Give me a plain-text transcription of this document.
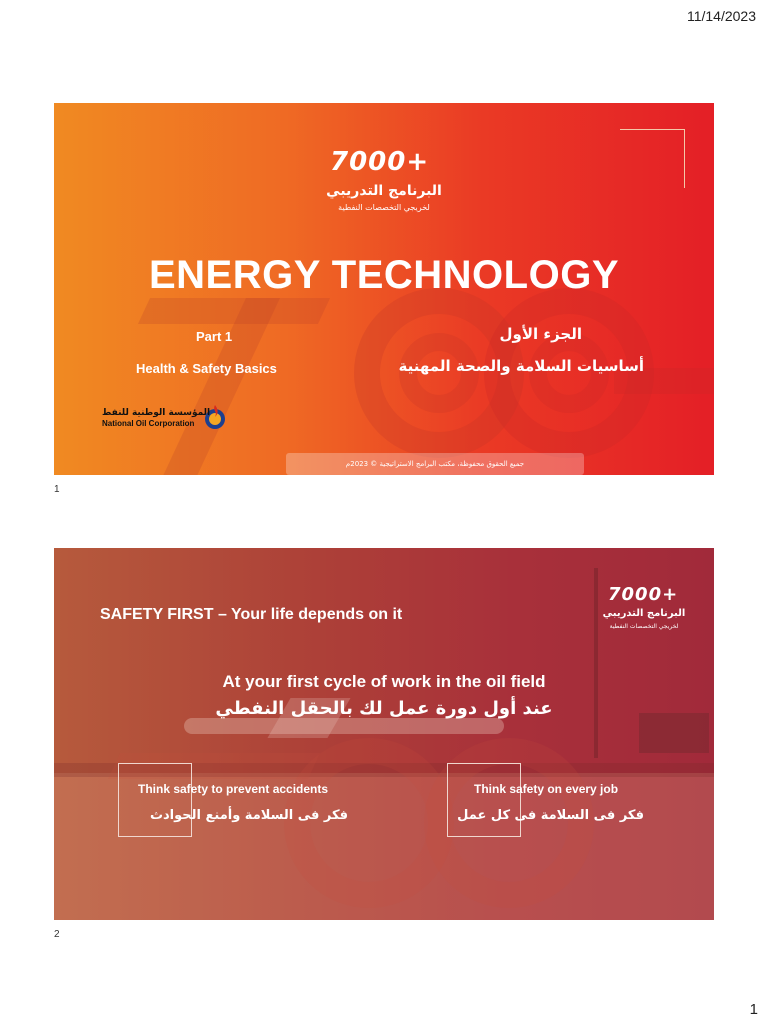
11/14/2023
7000+
البرنامج التدريبي
لخريجي التخصصات النفطية
ENERGY TECHNOLOGY
Part 1
Health & Safety Basics
الجزء الأول
أساسيات السلامة والصحة المهنية
المؤسسة الوطنية للنفط
National Oil Corporation
جميع الحقوق محفوظة، مكتب البرامج الاستراتيجية © 2023م
1
7000+
البرنامج التدريبي
لخريجي التخصصات النفطية
SAFETY FIRST – Your life depends on it
At your first cycle of work in the oil field
عند أول دورة عمل لك بالحقل النفطي
Think safety to prevent accidents
فكر فى السلامة وأمنع الحوادث
Think safety on every job
فكر فى السلامة فى كل عمل
2
1
